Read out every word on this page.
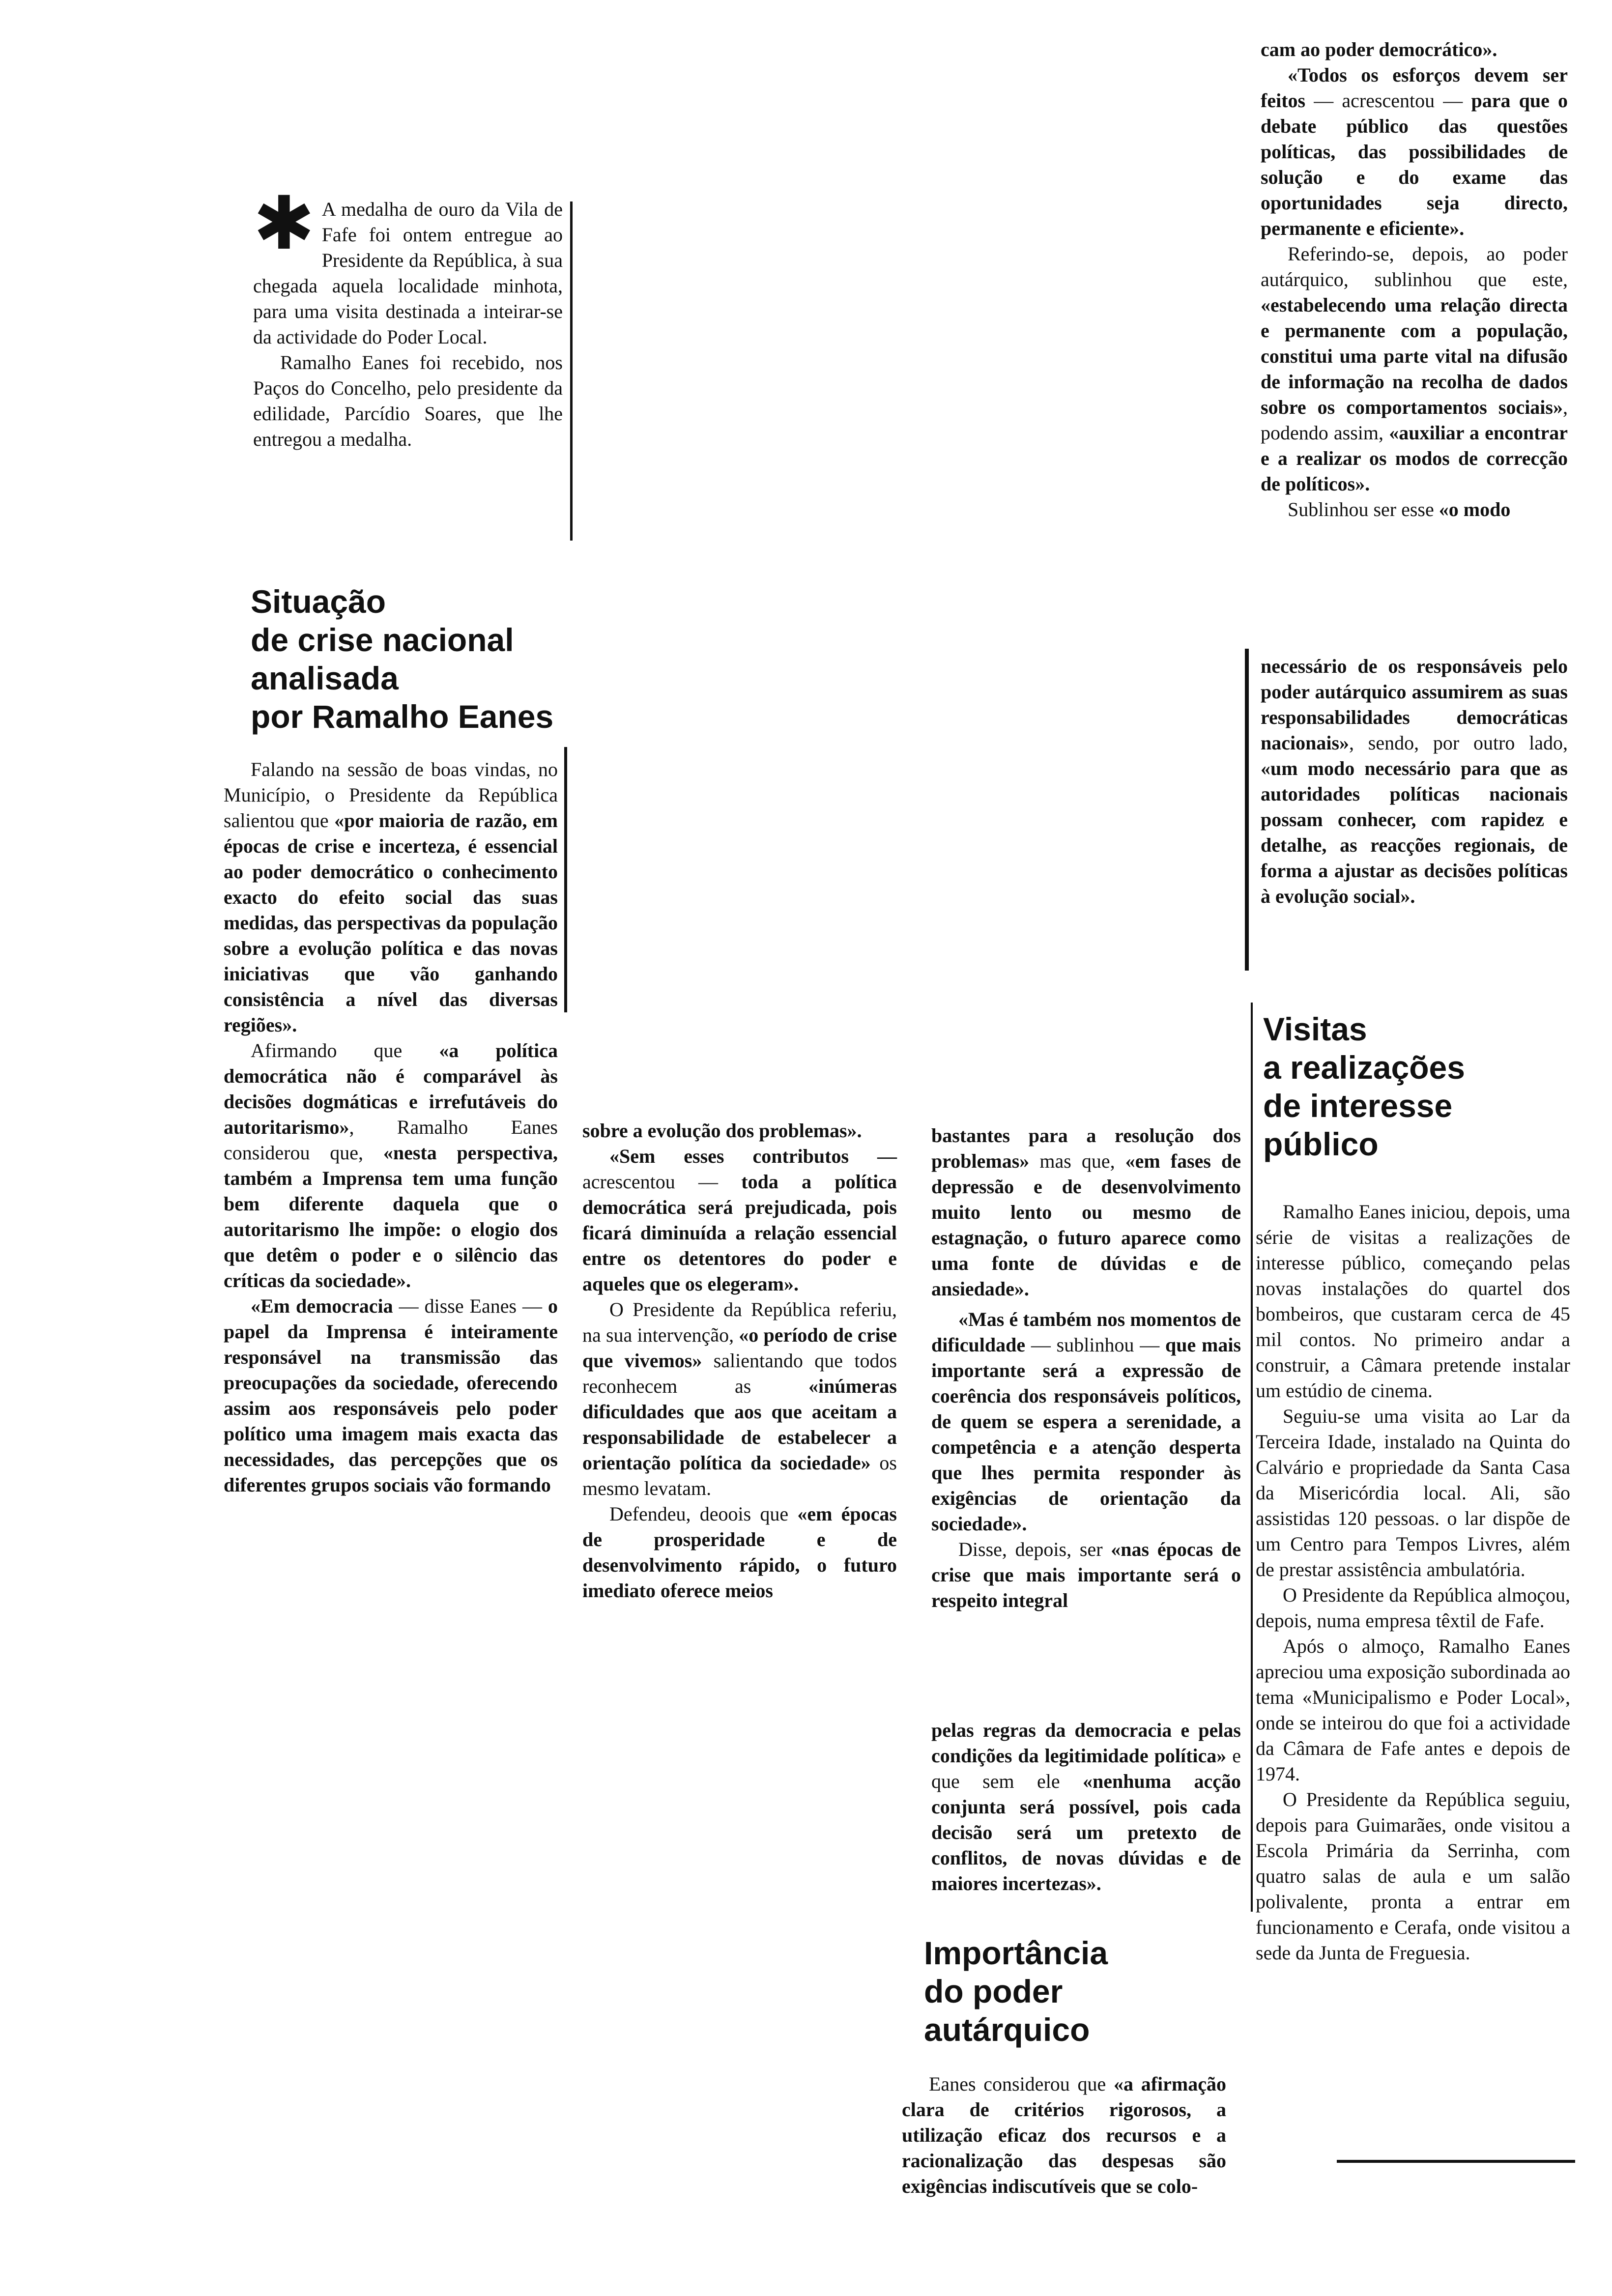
✱ A medalha de ouro da Vila de Fafe foi ontem entregue ao Presidente da República, à sua chegada aquela localidade minhota, para uma visita destinada a inteirar-se da actividade do Poder Local.

Ramalho Eanes foi recebido, nos Paços do Concelho, pelo presidente da edilidade, Parcídio Soares, que lhe entregou a medalha.

Situação
de crise nacional
analisada
por Ramalho Eanes

Falando na sessão de boas vindas, no Município, o Presidente da República salientou que «por maioria de razão, em épocas de crise e incerteza, é essencial ao poder democrático o conhecimento exacto do efeito social das suas medidas, das perspectivas da população sobre a evolução política e das novas iniciativas que vão ganhando consistência a nível das diversas regiões».

Afirmando que «a política democrática não é comparável às decisões dogmáticas e irrefutáveis do autoritarismo», Ramalho Eanes considerou que, «nesta perspectiva, também a Imprensa tem uma função bem diferente daquela que o autoritarismo lhe impõe: o elogio dos que detêm o poder e o silêncio das críticas da sociedade».

«Em democracia — disse Eanes — o papel da Imprensa é inteiramente responsável na transmissão das preocupações da sociedade, oferecendo assim aos responsáveis pelo poder político uma imagem mais exacta das necessidades, das percepções que os diferentes grupos sociais vão formando

sobre a evolução dos problemas».

«Sem esses contributos — acrescentou — toda a política democrática será prejudicada, pois ficará diminuída a relação essencial entre os detentores do poder e aqueles que os elegeram».

O Presidente da República referiu, na sua intervenção, «o período de crise que vivemos» salientando que todos reconhecem as «inúmeras dificuldades que aos que aceitam a responsabilidade de estabelecer a orientação política da sociedade» os mesmo levatam.

Defendeu, deoois que «em épocas de prosperidade e de desenvolvimento rápido, o futuro imediato oferece meios

bastantes para a resolução dos problemas» mas que, «em fases de depressão e de desenvolvimento muito lento ou mesmo de estagnação, o futuro aparece como uma fonte de dúvidas e de ansiedade».

«Mas é também nos momentos de dificuldade — sublinhou — que mais importante será a expressão de coerência dos responsáveis políticos, de quem se espera a serenidade, a competência e a atenção desperta que lhes permita responder às exigências de orientação da sociedade».

Disse, depois, ser «nas épocas de crise que mais importante será o respeito integral

pelas regras da democracia e pelas condições da legitimidade política» e que sem ele «nenhuma acção conjunta será possível, pois cada decisão será um pretexto de conflitos, de novas dúvidas e de maiores incertezas».

Importância
do poder
autárquico

Eanes considerou que «a afirmação clara de critérios rigorosos, a utilização eficaz dos recursos e a racionalização das despesas são exigências indiscutíveis que se colo-

cam ao poder democrático».

«Todos os esforços devem ser feitos — acrescentou — para que o debate público das questões políticas, das possibilidades de solução e do exame das oportunidades seja directo, permanente e eficiente».

Referindo-se, depois, ao poder autárquico, sublinhou que este, «estabelecendo uma relação directa e permanente com a população, constitui uma parte vital na difusão de informação na recolha de dados sobre os comportamentos sociais», podendo assim, «auxiliar a encontrar e a realizar os modos de correcção de políticos».

Sublinhou ser esse «o modo

necessário de os responsáveis pelo poder autárquico assumirem as suas responsabilidades democráticas nacionais», sendo, por outro lado, «um modo necessário para que as autoridades políticas nacionais possam conhecer, com rapidez e detalhe, as reacções regionais, de forma a ajustar as decisões políticas à evolução social».

Visitas
a realizações
de interesse
público

Ramalho Eanes iniciou, depois, uma série de visitas a realizações de interesse público, começando pelas novas instalações do quartel dos bombeiros, que custaram cerca de 45 mil contos. No primeiro andar a construir, a Câmara pretende instalar um estúdio de cinema.

Seguiu-se uma visita ao Lar da Terceira Idade, instalado na Quinta do Calvário e propriedade da Santa Casa da Misericórdia local. Ali, são assistidas 120 pessoas. o lar dispõe de um Centro para Tempos Livres, além de prestar assistência ambulatória.

O Presidente da República almoçou, depois, numa empresa têxtil de Fafe.

Após o almoço, Ramalho Eanes apreciou uma exposição subordinada ao tema «Municipalismo e Poder Local», onde se inteirou do que foi a actividade da Câmara de Fafe antes e depois de 1974.

O Presidente da República seguiu, depois para Guimarães, onde visitou a Escola Primária da Serrinha, com quatro salas de aula e um salão polivalente, pronta a entrar em funcionamento e Cerafa, onde visitou a sede da Junta de Freguesia.
